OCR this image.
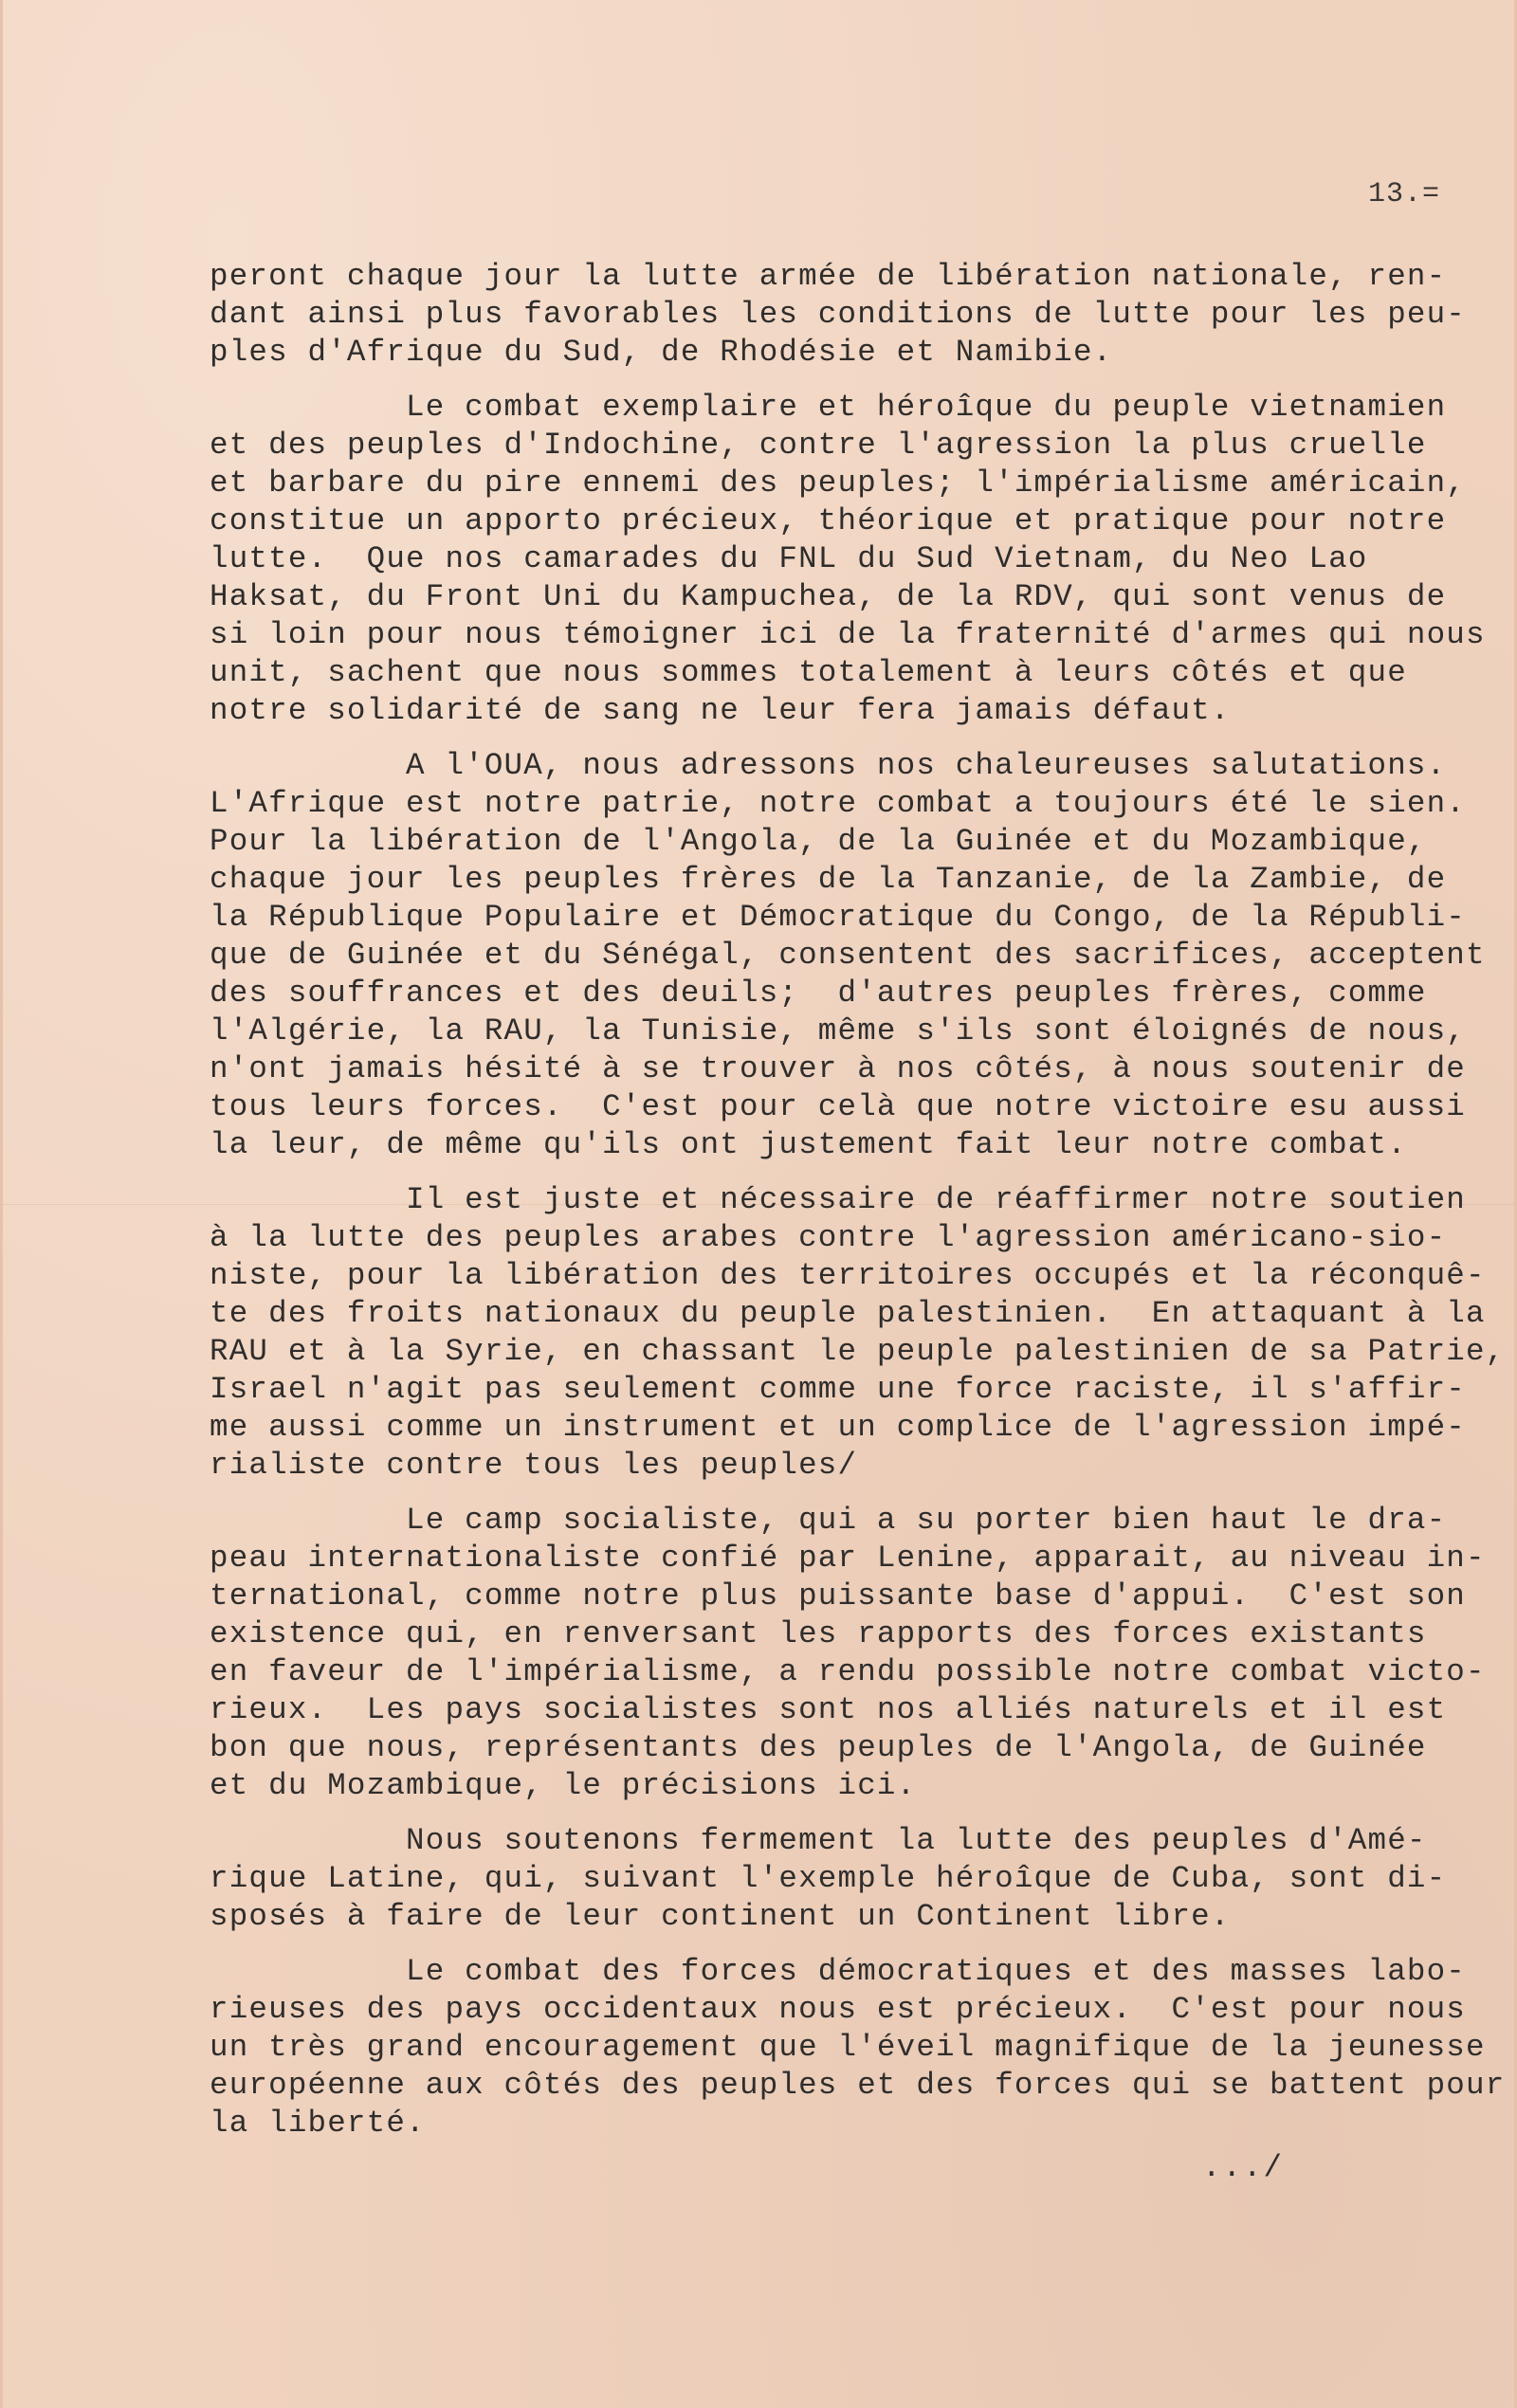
13.=
peront chaque jour la lutte armée de libération nationale, ren-
dant ainsi plus favorables les conditions de lutte pour les peu-
ples d'Afrique du Sud, de Rhodésie et Namibie.
Le combat exemplaire et héroîque du peuple vietnamien
et des peuples d'Indochine, contre l'agression la plus cruelle
et barbare du pire ennemi des peuples; l'impérialisme américain,
constitue un apporto précieux, théorique et pratique pour notre
lutte.  Que nos camarades du FNL du Sud Vietnam, du Neo Lao
Haksat, du Front Uni du Kampuchea, de la RDV, qui sont venus de
si loin pour nous témoigner ici de la fraternité d'armes qui nous
unit, sachent que nous sommes totalement à leurs côtés et que
notre solidarité de sang ne leur fera jamais défaut.
A l'OUA, nous adressons nos chaleureuses salutations.
L'Afrique est notre patrie, notre combat a toujours été le sien.
Pour la libération de l'Angola, de la Guinée et du Mozambique,
chaque jour les peuples frères de la Tanzanie, de la Zambie, de
la République Populaire et Démocratique du Congo, de la Républi-
que de Guinée et du Sénégal, consentent des sacrifices, acceptent
des souffrances et des deuils;  d'autres peuples frères, comme
l'Algérie, la RAU, la Tunisie, même s'ils sont éloignés de nous,
n'ont jamais hésité à se trouver à nos côtés, à nous soutenir de
tous leurs forces.  C'est pour celà que notre victoire esu aussi
la leur, de même qu'ils ont justement fait leur notre combat.
Il est juste et nécessaire de réaffirmer notre soutien
à la lutte des peuples arabes contre l'agression américano-sio-
niste, pour la libération des territoires occupés et la réconquê-
te des froits nationaux du peuple palestinien.  En attaquant à la
RAU et à la Syrie, en chassant le peuple palestinien de sa Patrie,
Israel n'agit pas seulement comme une force raciste, il s'affir-
me aussi comme un instrument et un complice de l'agression impé-
rialiste contre tous les peuples/
Le camp socialiste, qui a su porter bien haut le dra-
peau internationaliste confié par Lenine, apparait, au niveau in-
ternational, comme notre plus puissante base d'appui.  C'est son
existence qui, en renversant les rapports des forces existants
en faveur de l'impérialisme, a rendu possible notre combat victo-
rieux.  Les pays socialistes sont nos alliés naturels et il est
bon que nous, représentants des peuples de l'Angola, de Guinée
et du Mozambique, le précisions ici.
Nous soutenons fermement la lutte des peuples d'Amé-
rique Latine, qui, suivant l'exemple héroîque de Cuba, sont di-
sposés à faire de leur continent un Continent libre.
Le combat des forces démocratiques et des masses labo-
rieuses des pays occidentaux nous est précieux.  C'est pour nous
un très grand encouragement que l'éveil magnifique de la jeunesse
européenne aux côtés des peuples et des forces qui se battent pour
la liberté.
.../
